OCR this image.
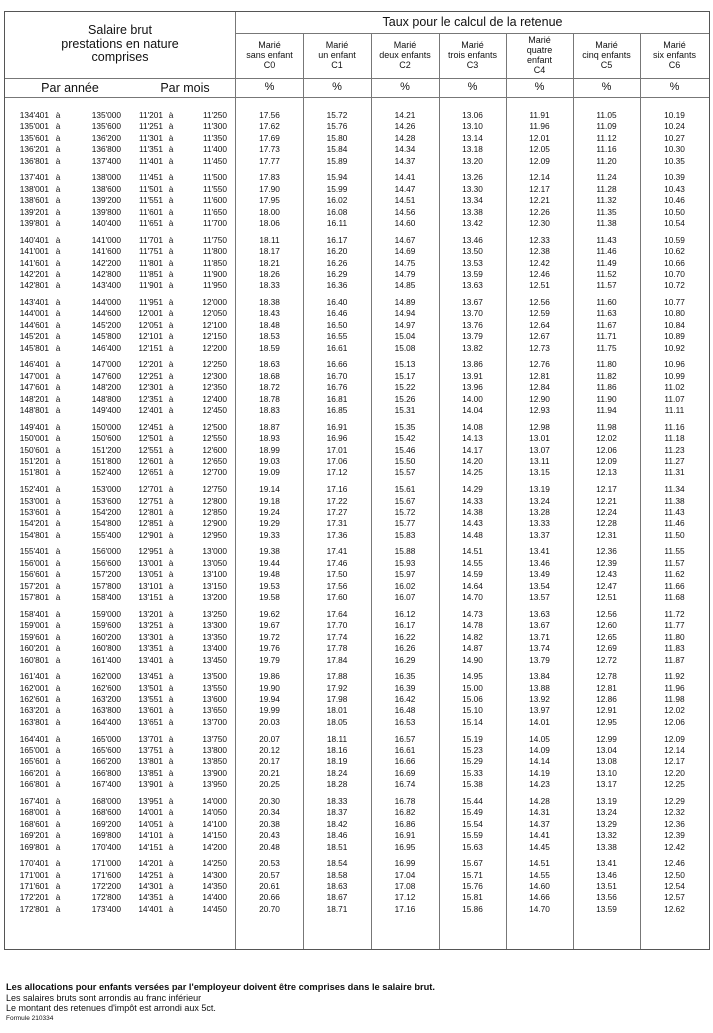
Salaire brut
prestations en nature
comprises
Par année	Par mois
Taux pour le calcul de la retenue
Marié
sans enfant
C0
%
Marié
un enfant
C1
%
Marié
deux enfants
C2
%
Marié
trois enfants
C3
%
Marié
quatre
enfant
C4
%
Marié
cinq enfants
C5
%
Marié
six enfants
C6
%
134'401 à	135'000	11'201 à	11'250	17.56	15.72	14.21	13.06	11.91	11.05	10.19
135'001 à	135'600	11'251 à	11'300	17.62	15.76	14.26	13.10	11.96	11.09	10.24
135'601 à	136'200	11'301 à	11'350	17.69	15.80	14.28	13.14	12.01	11.12	10.27
136'201 à	136'800	11'351 à	11'400	17.73	15.84	14.34	13.18	12.05	11.16	10.30
136'801 à	137'400	11'401 à	11'450	17.77	15.89	14.37	13.20	12.09	11.20	10.35
137'401 à	138'000	11'451 à	11'500	17.83	15.94	14.41	13.26	12.14	11.24	10.39
138'001 à	138'600	11'501 à	11'550	17.90	15.99	14.47	13.30	12.17	11.28	10.43
138'601 à	139'200	11'551 à	11'600	17.95	16.02	14.51	13.34	12.21	11.32	10.46
139'201 à	139'800	11'601 à	11'650	18.00	16.08	14.56	13.38	12.26	11.35	10.50
139'801 à	140'400	11'651 à	11'700	18.06	16.11	14.60	13.42	12.30	11.38	10.54
140'401 à	141'000	11'701 à	11'750	18.11	16.17	14.67	13.46	12.33	11.43	10.59
141'001 à	141'600	11'751 à	11'800	18.17	16.20	14.69	13.50	12.38	11.46	10.62
141'601 à	142'200	11'801 à	11'850	18.21	16.26	14.75	13.53	12.42	11.49	10.66
142'201 à	142'800	11'851 à	11'900	18.26	16.29	14.79	13.59	12.46	11.52	10.70
142'801 à	143'400	11'901 à	11'950	18.33	16.36	14.85	13.63	12.51	11.57	10.72
143'401 à	144'000	11'951 à	12'000	18.38	16.40	14.89	13.67	12.56	11.60	10.77
144'001 à	144'600	12'001 à	12'050	18.43	16.46	14.94	13.70	12.59	11.63	10.80
144'601 à	145'200	12'051 à	12'100	18.48	16.50	14.97	13.76	12.64	11.67	10.84
145'201 à	145'800	12'101 à	12'150	18.53	16.55	15.04	13.79	12.67	11.71	10.89
145'801 à	146'400	12'151 à	12'200	18.59	16.61	15.08	13.82	12.73	11.75	10.92
146'401 à	147'000	12'201 à	12'250	18.63	16.66	15.13	13.86	12.76	11.80	10.96
147'001 à	147'600	12'251 à	12'300	18.68	16.70	15.17	13.91	12.81	11.82	10.99
147'601 à	148'200	12'301 à	12'350	18.72	16.76	15.22	13.96	12.84	11.86	11.02
148'201 à	148'800	12'351 à	12'400	18.78	16.81	15.26	14.00	12.90	11.90	11.07
148'801 à	149'400	12'401 à	12'450	18.83	16.85	15.31	14.04	12.93	11.94	11.11
149'401 à	150'000	12'451 à	12'500	18.87	16.91	15.35	14.08	12.98	11.98	11.16
150'001 à	150'600	12'501 à	12'550	18.93	16.96	15.42	14.13	13.01	12.02	11.18
150'601 à	151'200	12'551 à	12'600	18.99	17.01	15.46	14.17	13.07	12.06	11.23
151'201 à	151'800	12'601 à	12'650	19.03	17.06	15.50	14.20	13.11	12.09	11.27
151'801 à	152'400	12'651 à	12'700	19.09	17.12	15.57	14.25	13.15	12.13	11.31
152'401 à	153'000	12'701 à	12'750	19.14	17.16	15.61	14.29	13.19	12.17	11.34
153'001 à	153'600	12'751 à	12'800	19.18	17.22	15.67	14.33	13.24	12.21	11.38
153'601 à	154'200	12'801 à	12'850	19.24	17.27	15.72	14.38	13.28	12.24	11.43
154'201 à	154'800	12'851 à	12'900	19.29	17.31	15.77	14.43	13.33	12.28	11.46
154'801 à	155'400	12'901 à	12'950	19.33	17.36	15.83	14.48	13.37	12.31	11.50
155'401 à	156'000	12'951 à	13'000	19.38	17.41	15.88	14.51	13.41	12.36	11.55
156'001 à	156'600	13'001 à	13'050	19.44	17.46	15.93	14.55	13.46	12.39	11.57
156'601 à	157'200	13'051 à	13'100	19.48	17.50	15.97	14.59	13.49	12.43	11.62
157'201 à	157'800	13'101 à	13'150	19.53	17.56	16.02	14.64	13.54	12.47	11.66
157'801 à	158'400	13'151 à	13'200	19.58	17.60	16.07	14.70	13.57	12.51	11.68
158'401 à	159'000	13'201 à	13'250	19.62	17.64	16.12	14.73	13.63	12.56	11.72
159'001 à	159'600	13'251 à	13'300	19.67	17.70	16.17	14.78	13.67	12.60	11.77
159'601 à	160'200	13'301 à	13'350	19.72	17.74	16.22	14.82	13.71	12.65	11.80
160'201 à	160'800	13'351 à	13'400	19.76	17.78	16.26	14.87	13.74	12.69	11.83
160'801 à	161'400	13'401 à	13'450	19.79	17.84	16.29	14.90	13.79	12.72	11.87
161'401 à	162'000	13'451 à	13'500	19.86	17.88	16.35	14.95	13.84	12.78	11.92
162'001 à	162'600	13'501 à	13'550	19.90	17.92	16.39	15.00	13.88	12.81	11.96
162'601 à	163'200	13'551 à	13'600	19.94	17.98	16.42	15.06	13.92	12.86	11.98
163'201 à	163'800	13'601 à	13'650	19.99	18.01	16.48	15.10	13.97	12.91	12.02
163'801 à	164'400	13'651 à	13'700	20.03	18.05	16.53	15.14	14.01	12.95	12.06
164'401 à	165'000	13'701 à	13'750	20.07	18.11	16.57	15.19	14.05	12.99	12.09
165'001 à	165'600	13'751 à	13'800	20.12	18.16	16.61	15.23	14.09	13.04	12.14
165'601 à	166'200	13'801 à	13'850	20.17	18.19	16.66	15.29	14.14	13.08	12.17
166'201 à	166'800	13'851 à	13'900	20.21	18.24	16.69	15.33	14.19	13.10	12.20
166'801 à	167'400	13'901 à	13'950	20.25	18.28	16.74	15.38	14.23	13.17	12.25
167'401 à	168'000	13'951 à	14'000	20.30	18.33	16.78	15.44	14.28	13.19	12.29
168'001 à	168'600	14'001 à	14'050	20.34	18.37	16.82	15.49	14.31	13.24	12.32
168'601 à	169'200	14'051 à	14'100	20.38	18.42	16.86	15.54	14.37	13.29	12.36
169'201 à	169'800	14'101 à	14'150	20.43	18.46	16.91	15.59	14.41	13.32	12.39
169'801 à	170'400	14'151 à	14'200	20.48	18.51	16.95	15.63	14.45	13.38	12.42
170'401 à	171'000	14'201 à	14'250	20.53	18.54	16.99	15.67	14.51	13.41	12.46
171'001 à	171'600	14'251 à	14'300	20.57	18.58	17.04	15.71	14.55	13.46	12.50
171'601 à	172'200	14'301 à	14'350	20.61	18.63	17.08	15.76	14.60	13.51	12.54
172'201 à	172'800	14'351 à	14'400	20.66	18.67	17.12	15.81	14.66	13.56	12.57
172'801 à	173'400	14'401 à	14'450	20.70	18.71	17.16	15.86	14.70	13.59	12.62
Les allocations pour enfants versées par l'employeur doivent être comprises dans le salaire brut.
Les salaires bruts sont arrondis au franc inférieur
Le montant des retenues d'impôt est arrondi aux 5ct.
Formule 210334
